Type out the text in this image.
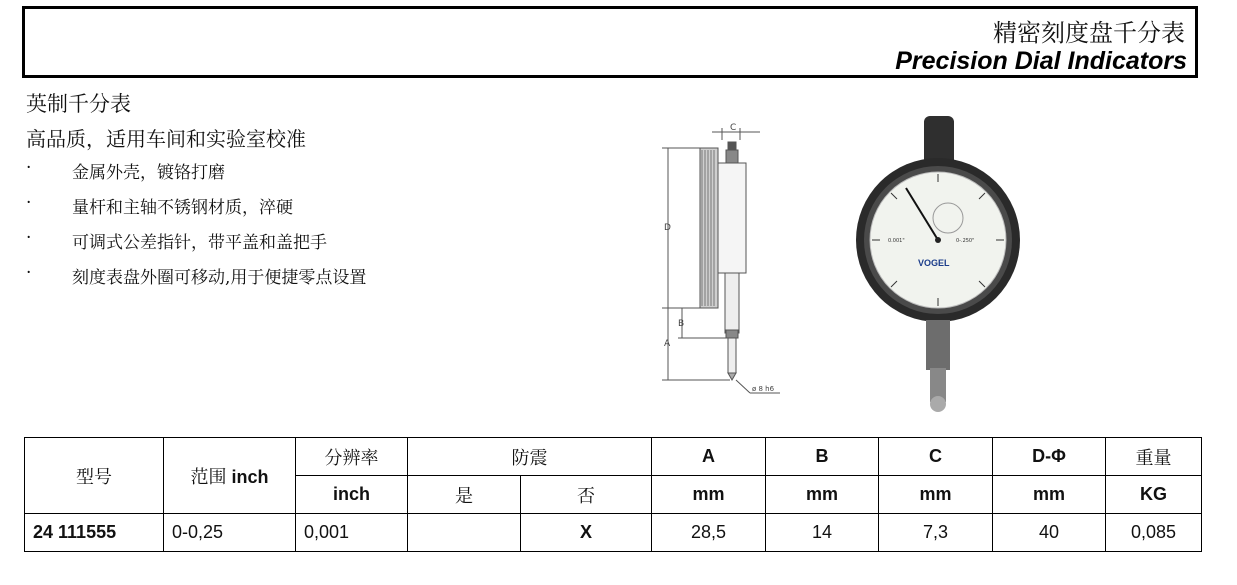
精密刻度盘千分表
Precision Dial Indicators
英制千分表
高品质，适用车间和实验室校准
· 金属外壳，镀铬打磨
· 量杆和主轴不锈钢材质，淬硬
· 可调式公差指针，带平盖和盖把手
· 刻度表盘外圈可移动,用于便捷零点设置
C
D
B
A
ø 8 h6
VOGEL
0.001"	0-.250"
型号	范围 inch	分辨率	防震		A	B	C	D-Φ	重量
		inch	是	否	mm	mm	mm	mm	KG
24 111555	0-0,25	0,001		X	28,5	14	7,3	40	0,085
